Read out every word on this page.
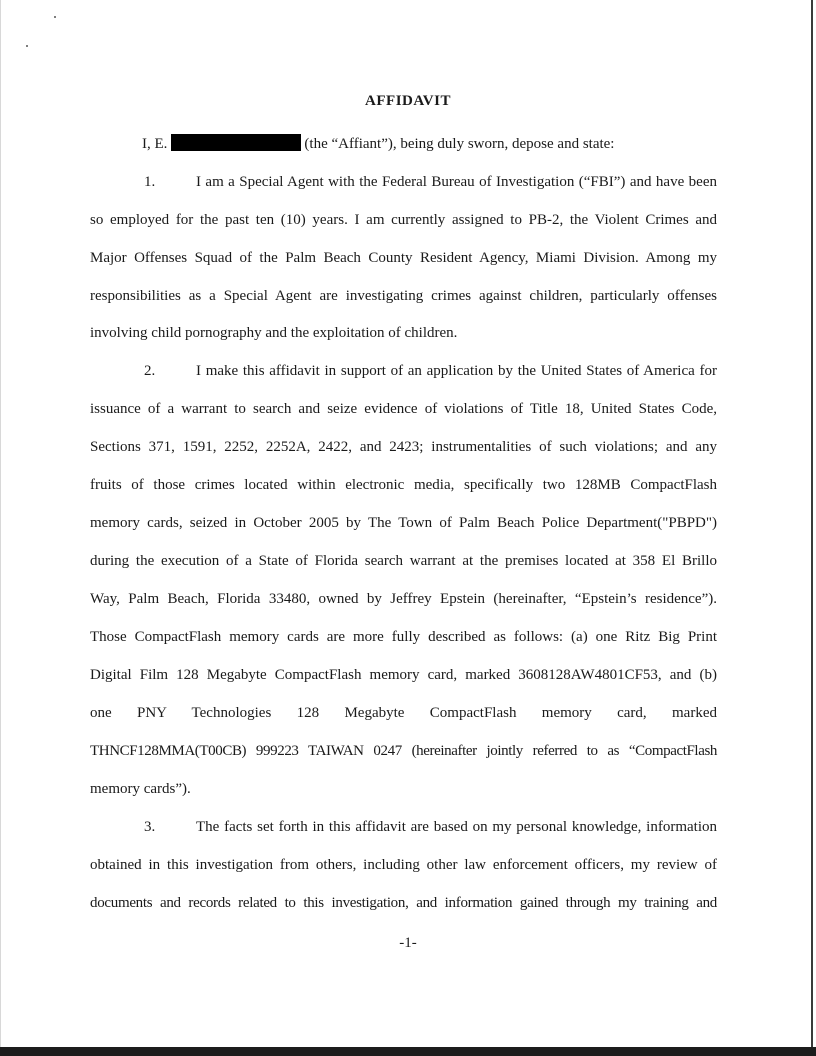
AFFIDAVIT
I, E.	(the “Affiant”), being duly sworn, depose and state:
1.	I am a Special Agent with the Federal Bureau of Investigation (“FBI”) and have been
so employed for the past ten (10) years. I am currently assigned to PB-2, the Violent Crimes and
Major Offenses Squad of the Palm Beach County Resident Agency, Miami Division. Among my
responsibilities as a Special Agent are investigating crimes against children, particularly offenses
involving child pornography and the exploitation of children.
2.	I make this affidavit in support of an application by the United States of America for
issuance of a warrant to search and seize evidence of violations of Title 18, United States Code,
Sections 371, 1591, 2252, 2252A, 2422, and 2423; instrumentalities of such violations; and any
fruits of those crimes located within electronic media, specifically two 128MB CompactFlash
memory cards, seized in October 2005 by The Town of Palm Beach Police Department("PBPD")
during the execution of a State of Florida search warrant at the premises located at 358 El Brillo
Way, Palm Beach, Florida 33480, owned by Jeffrey Epstein (hereinafter, “Epstein’s residence”).
Those CompactFlash memory cards are more fully described as follows: (a) one Ritz Big Print
Digital Film 128 Megabyte CompactFlash memory card, marked 3608128AW4801CF53, and (b)
one PNY Technologies 128 Megabyte CompactFlash memory card, marked
THNCF128MMA(T00CB) 999223 TAIWAN 0247 (hereinafter jointly referred to as “CompactFlash
memory cards”).
3.	The facts set forth in this affidavit are based on my personal knowledge, information
obtained in this investigation from others, including other law enforcement officers, my review of
documents and records related to this investigation, and information gained through my training and
-1-
